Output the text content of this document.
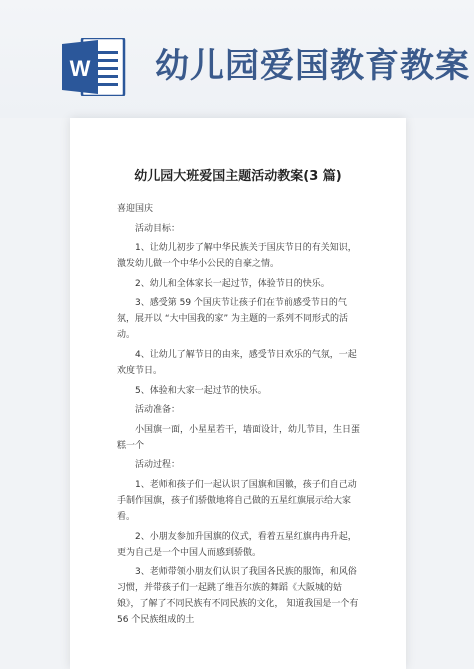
W 幼儿园爱国教育教案
幼儿园大班爱国主题活动教案(3 篇)

喜迎国庆

活动目标：

1、让幼儿初步了解中华民族关于国庆节日的有关知识，激发幼儿做一个中华小公民的自豪之情。

2、幼儿和全体家长一起过节，体验节日的快乐。

3、感受第 59 个国庆节让孩子们在节前感受节日的气氛，展开以 “大中国我的家” 为主题的一系列不同形式的活动。

4、让幼儿了解节日的由来，感受节日欢乐的气氛，一起欢度节日。

5、体验和大家一起过节的快乐。

活动准备：

小国旗一面，小星星若干，墙面设计，幼儿节目，生日蛋糕一个

活动过程：

1、老师和孩子们一起认识了国旗和国徽，孩子们自己动手制作国旗，孩子们骄傲地将自己做的五星红旗展示给大家看。

2、小朋友参加升国旗的仪式，看着五星红旗冉冉升起，更为自己是一个中国人而感到骄傲。

3、老师带领小朋友们认识了我国各民族的服饰，和风俗习惯，并带孩子们一起跳了维吾尔族的舞蹈《大阪城的姑娘》，了解了不同民族有不同民族的文化， 知道我国是一个有 56 个民族组成的土
